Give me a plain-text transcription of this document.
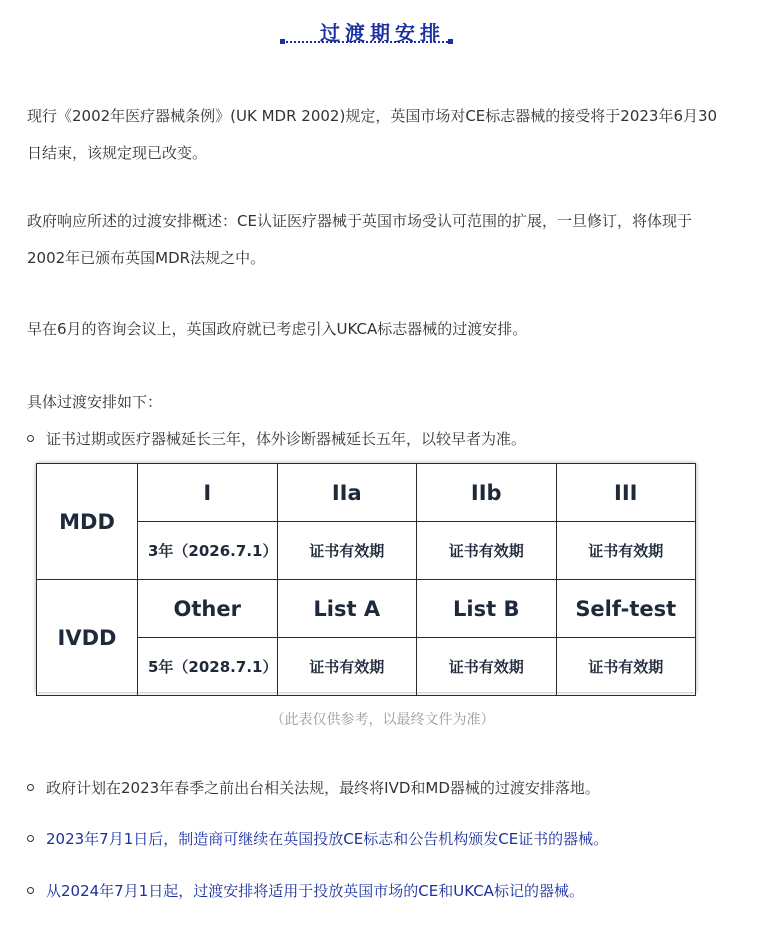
过渡期安排

现行《2002年医疗器械条例》(UK MDR 2002)规定，英国市场对CE标志器械的接受将于2023年6月30日结束，该规定现已改变。

政府响应所述的过渡安排概述：CE认证医疗器械于英国市场受认可范围的扩展，一旦修订，将体现于2002年已颁布英国MDR法规之中。

早在6月的咨询会议上，英国政府就已考虑引入UKCA标志器械的过渡安排。

具体过渡安排如下：

证书过期或医疗器械延长三年，体外诊断器械延长五年，以较早者为准。
MDD	I	IIa	IIb	III
	3年（2026.7.1）	证书有效期	证书有效期	证书有效期
IVDD	Other	List A	List B	Self-test
	5年（2028.7.1）	证书有效期	证书有效期	证书有效期
（此表仅供参考，以最终文件为准）
政府计划在2023年春季之前出台相关法规，最终将IVD和MD器械的过渡安排落地。
2023年7月1日后，制造商可继续在英国投放CE标志和公告机构颁发CE证书的器械。
从2024年7月1日起，过渡安排将适用于投放英国市场的CE和UKCA标记的器械。
